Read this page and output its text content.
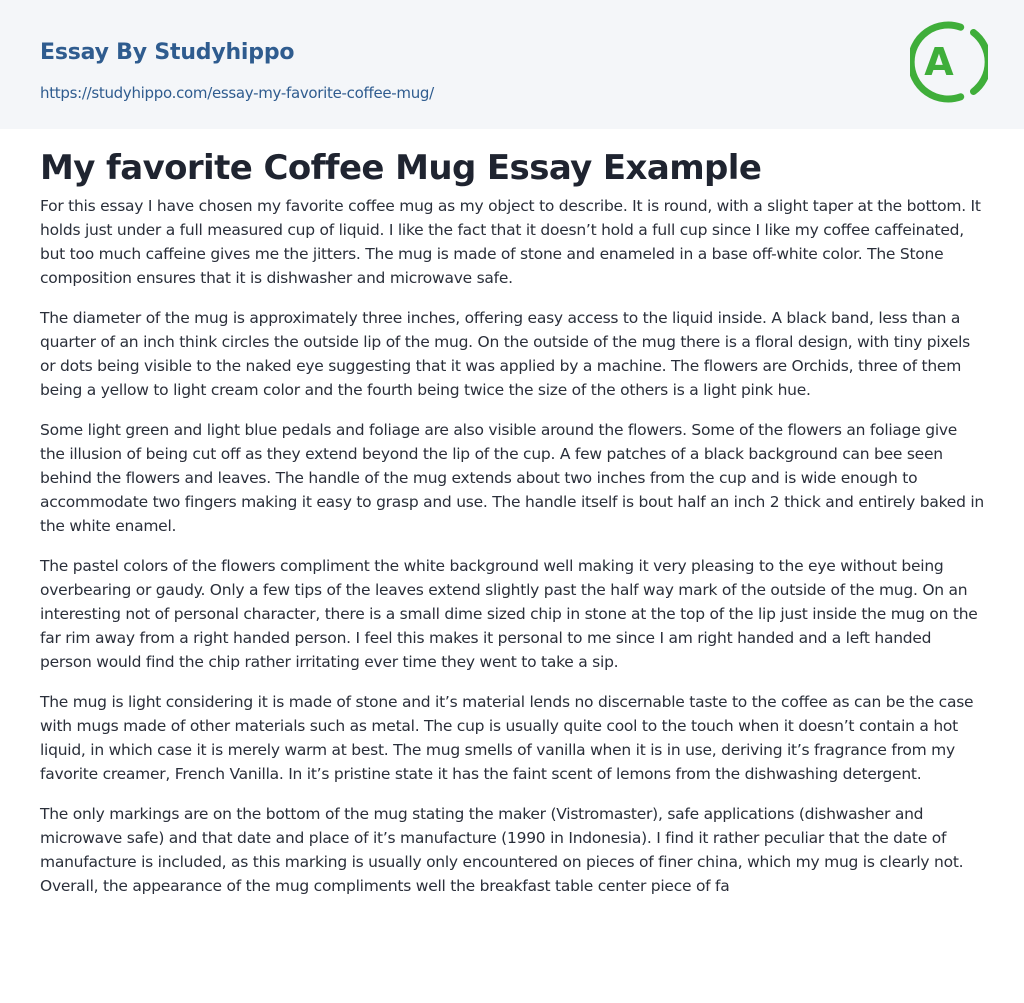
Essay By Studyhippo
https://studyhippo.com/essay-my-favorite-coffee-mug/
A
My favorite Coffee Mug Essay Example

For this essay I have chosen my favorite coffee mug as my object to describe. It is round, with a slight taper at the bottom. It holds just under a full measured cup of liquid. I like the fact that it doesn’t hold a full cup since I like my coffee caffeinated, but too much caffeine gives me the jitters. The mug is made of stone and enameled in a base off-white color. The Stone composition ensures that it is dishwasher and microwave safe.

The diameter of the mug is approximately three inches, offering easy access to the liquid inside. A black band, less than a quarter of an inch think circles the outside lip of the mug. On the outside of the mug there is a floral design, with tiny pixels or dots being visible to the naked eye suggesting that it was applied by a machine. The flowers are Orchids, three of them being a yellow to light cream color and the fourth being twice the size of the others is a light pink hue.

Some light green and light blue pedals and foliage are also visible around the flowers. Some of the flowers an foliage give the illusion of being cut off as they extend beyond the lip of the cup. A few patches of a black background can bee seen behind the flowers and leaves. The handle of the mug extends about two inches from the cup and is wide enough to accommodate two fingers making it easy to grasp and use. The handle itself is bout half an inch 2 thick and entirely baked in the white enamel.

The pastel colors of the flowers compliment the white background well making it very pleasing to the eye without being overbearing or gaudy. Only a few tips of the leaves extend slightly past the half way mark of the outside of the mug. On an interesting not of personal character, there is a small dime sized chip in stone at the top of the lip just inside the mug on the far rim away from a right handed person. I feel this makes it personal to me since I am right handed and a left handed person would find the chip rather irritating ever time they went to take a sip.

The mug is light considering it is made of stone and it’s material lends no discernable taste to the coffee as can be the case with mugs made of other materials such as metal. The cup is usually quite cool to the touch when it doesn’t contain a hot liquid, in which case it is merely warm at best. The mug smells of vanilla when it is in use, deriving it’s fragrance from my favorite creamer, French Vanilla. In it’s pristine state it has the faint scent of lemons from the dishwashing detergent.

The only markings are on the bottom of the mug stating the maker (Vistromaster), safe applications (dishwasher and microwave safe) and that date and place of it’s manufacture (1990 in Indonesia). I find it rather peculiar that the date of manufacture is included, as this marking is usually only encountered on pieces of finer china, which my mug is clearly not. Overall, the appearance of the mug compliments well the breakfast table center piece of fa
